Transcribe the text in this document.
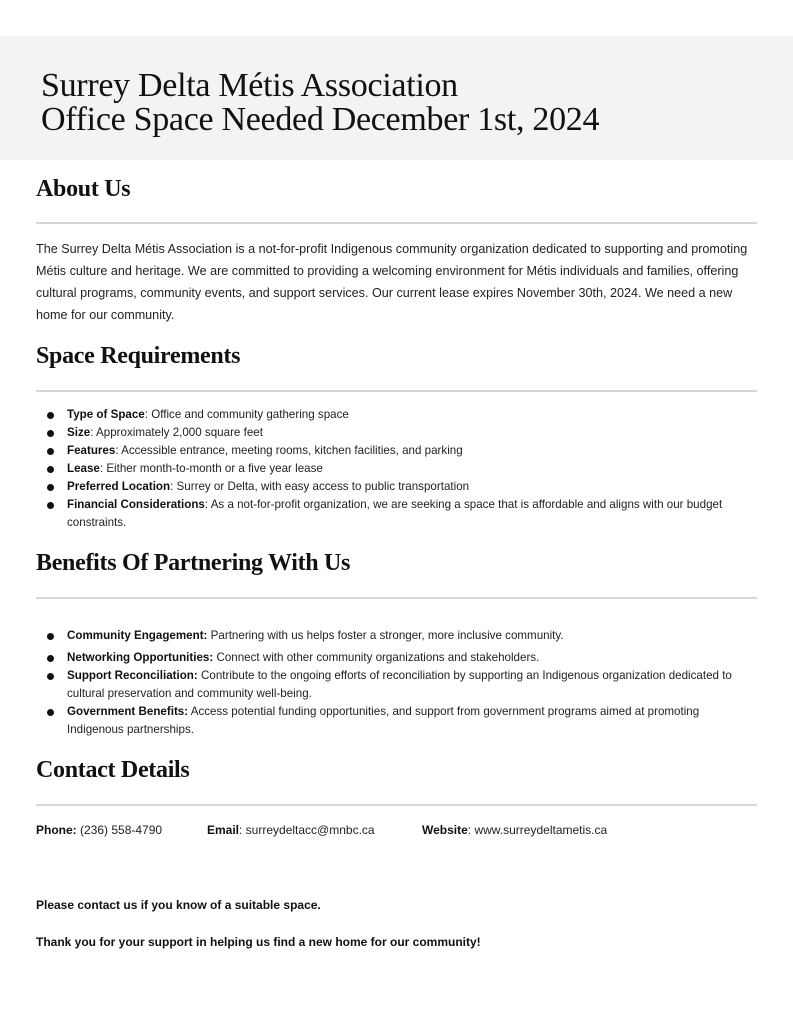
Surrey Delta Métis Association
Office Space Needed December 1st, 2024
About Us

The Surrey Delta Métis Association is a not-for-profit Indigenous community organization dedicated to supporting and promoting Métis culture and heritage. We are committed to providing a welcoming environment for Métis individuals and families, offering cultural programs, community events, and support services. Our current lease expires November 30th, 2024. We need a new home for our community.

Space Requirements
Type of Space: Office and community gathering space
Size: Approximately 2,000 square feet
Features: Accessible entrance, meeting rooms, kitchen facilities, and parking
Lease: Either month-to-month or a five year lease
Preferred Location: Surrey or Delta, with easy access to public transportation
Financial Considerations: As a not-for-profit organization, we are seeking a space that is affordable and aligns with our budget constraints.
Benefits Of Partnering With Us
Community Engagement: Partnering with us helps foster a stronger, more inclusive community.
Networking Opportunities: Connect with other community organizations and stakeholders.
Support Reconciliation: Contribute to the ongoing efforts of reconciliation by supporting an Indigenous organization dedicated to cultural preservation and community well-being.
Government Benefits: Access potential funding opportunities, and support from government programs aimed at promoting Indigenous partnerships.
Contact Details
Phone: (236) 558-4790	Email: surreydeltacc@mnbc.ca	Website: www.surreydeltametis.ca

Please contact us if you know of a suitable space.

Thank you for your support in helping us find a new home for our community!
